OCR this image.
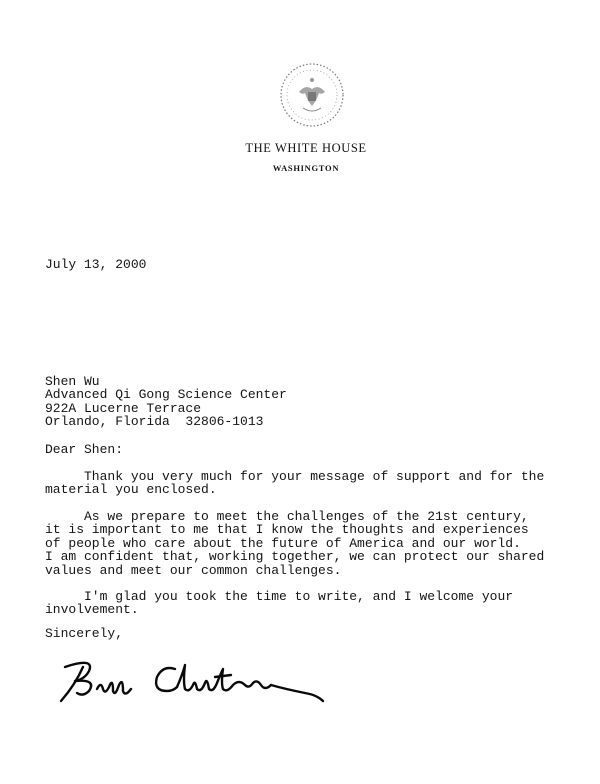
THE WHITE HOUSE
WASHINGTON
July 13, 2000
Shen Wu
Advanced Qi Gong Science Center
922A Lucerne Terrace
Orlando, Florida  32806-1013
Dear Shen:
Thank you very much for your message of support and for the
material you enclosed.
As we prepare to meet the challenges of the 21st century,
it is important to me that I know the thoughts and experiences
of people who care about the future of America and our world.
I am confident that, working together, we can protect our shared
values and meet our common challenges.
I'm glad you took the time to write, and I welcome your
involvement.
Sincerely,
